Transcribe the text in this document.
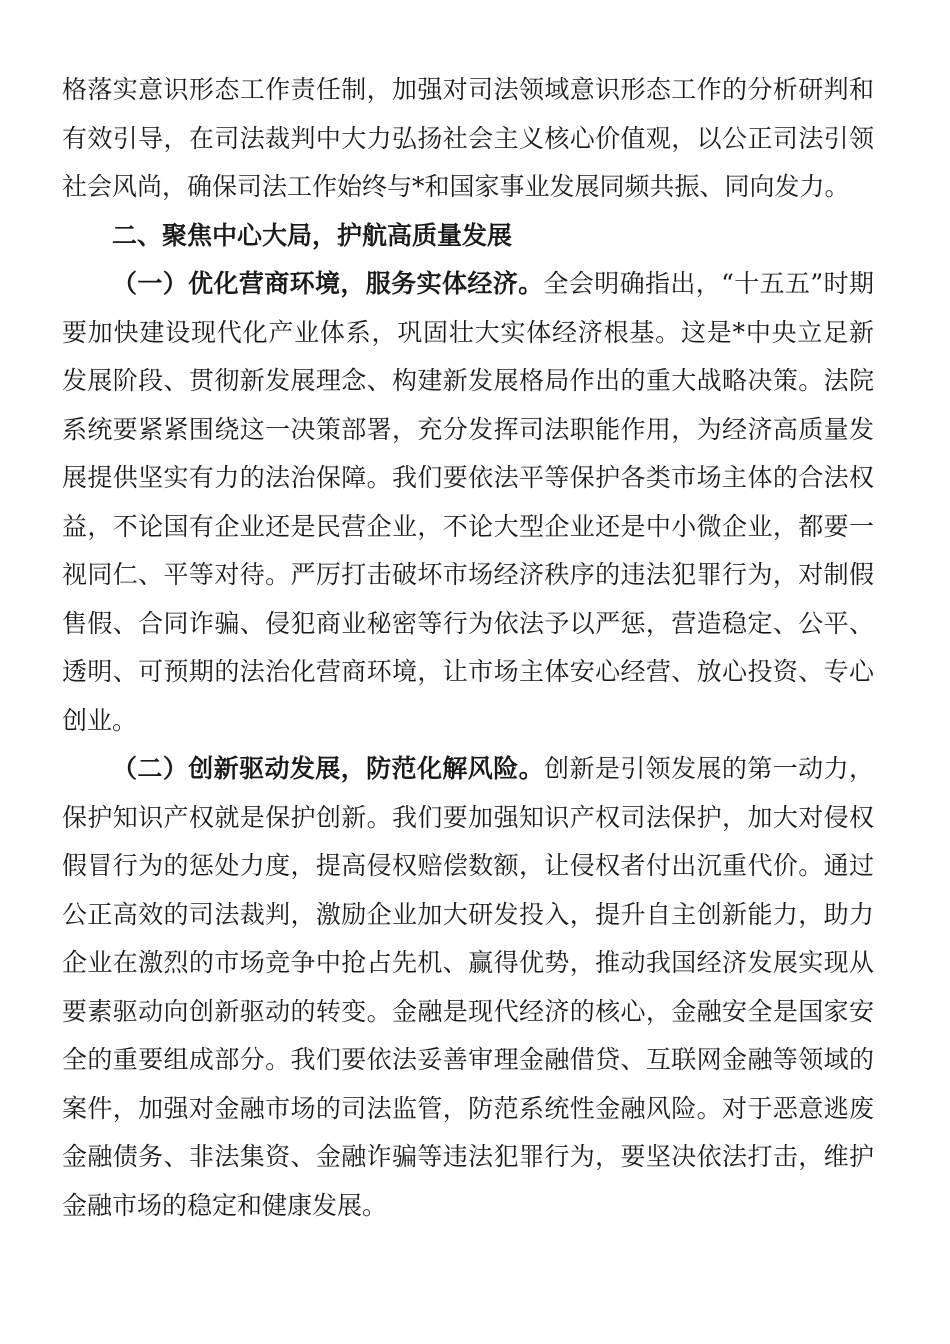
格落实意识形态工作责任制，加强对司法领域意识形态工作的分析研判和有效引导，在司法裁判中大力弘扬社会主义核心价值观，以公正司法引领社会风尚，确保司法工作始终与*和国家事业发展同频共振、同向发力。

二、聚焦中心大局，护航高质量发展

（一）优化营商环境，服务实体经济。全会明确指出，“十五五”时期要加快建设现代化产业体系，巩固壮大实体经济根基。这是*中央立足新发展阶段、贯彻新发展理念、构建新发展格局作出的重大战略决策。法院系统要紧紧围绕这一决策部署，充分发挥司法职能作用，为经济高质量发展提供坚实有力的法治保障。我们要依法平等保护各类市场主体的合法权益，不论国有企业还是民营企业，不论大型企业还是中小微企业，都要一视同仁、平等对待。严厉打击破坏市场经济秩序的违法犯罪行为，对制假售假、合同诈骗、侵犯商业秘密等行为依法予以严惩，营造稳定、公平、透明、可预期的法治化营商环境，让市场主体安心经营、放心投资、专心创业。

（二）创新驱动发展，防范化解风险。创新是引领发展的第一动力，保护知识产权就是保护创新。我们要加强知识产权司法保护，加大对侵权假冒行为的惩处力度，提高侵权赔偿数额，让侵权者付出沉重代价。通过公正高效的司法裁判，激励企业加大研发投入，提升自主创新能力，助力企业在激烈的市场竞争中抢占先机、赢得优势，推动我国经济发展实现从要素驱动向创新驱动的转变。金融是现代经济的核心，金融安全是国家安全的重要组成部分。我们要依法妥善审理金融借贷、互联网金融等领域的案件，加强对金融市场的司法监管，防范系统性金融风险。对于恶意逃废金融债务、非法集资、金融诈骗等违法犯罪行为，要坚决依法打击，维护金融市场的稳定和健康发展。
